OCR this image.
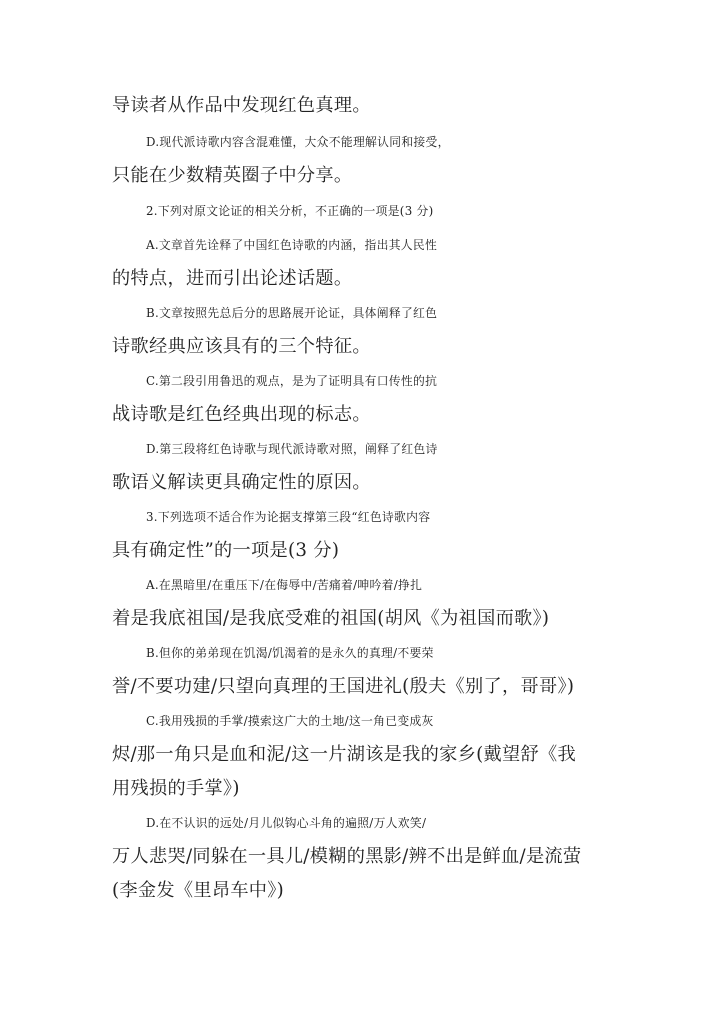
导读者从作品中发现红色真理。
D.现代派诗歌内容含混难懂，大众不能理解认同和接受，
只能在少数精英圈子中分享。
2.下列对原文论证的相关分析，不正确的一项是(3 分)
A.文章首先诠释了中国红色诗歌的内涵，指出其人民性
的特点，进而引出论述话题。
B.文章按照先总后分的思路展开论证，具体阐释了红色
诗歌经典应该具有的三个特征。
C.第二段引用鲁迅的观点，是为了证明具有口传性的抗
战诗歌是红色经典出现的标志。
D.第三段将红色诗歌与现代派诗歌对照，阐释了红色诗
歌语义解读更具确定性的原因。
3.下列选项不适合作为论据支撑第三段“红色诗歌内容
具有确定性”的一项是(3 分)
A.在黑暗里/在重压下/在侮辱中/苦痛着/呻吟着/挣扎
着是我底祖国/是我底受难的祖国(胡风《为祖国而歌》)
B.但你的弟弟现在饥渴/饥渴着的是永久的真理/不要荣
誉/不要功建/只望向真理的王国进礼(殷夫《别了，哥哥》)
C.我用残损的手掌/摸索这广大的土地/这一角已变成灰
烬/那一角只是血和泥/这一片湖该是我的家乡(戴望舒《我
用残损的手掌》)
D.在不认识的远处/月儿似钩心斗角的遍照/万人欢笑/
万人悲哭/同躲在一具儿/模糊的黑影/辨不出是鲜血/是流萤
(李金发《里昂车中》)
